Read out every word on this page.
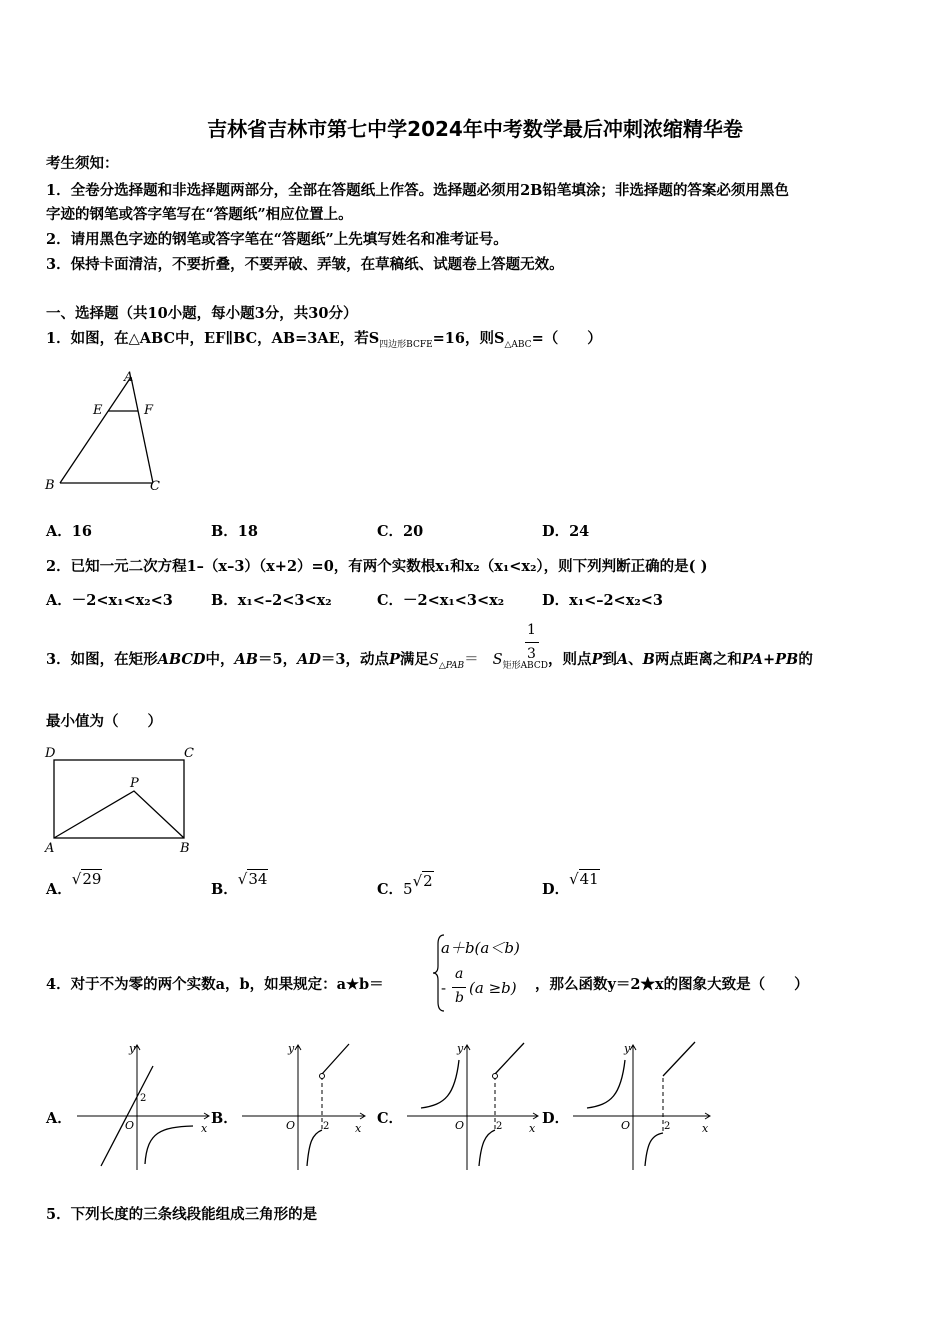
吉林省吉林市第七中学2024年中考数学最后冲刺浓缩精华卷
考生须知：
1．全卷分选择题和非选择题两部分，全部在答题纸上作答。选择题必须用2B铅笔填涂；非选择题的答案必须用黑色
字迹的钢笔或答字笔写在“答题纸”相应位置上。
2．请用黑色字迹的钢笔或答字笔在“答题纸”上先填写姓名和准考证号。
3．保持卡面清洁，不要折叠，不要弄破、弄皱，在草稿纸、试题卷上答题无效。
一、选择题（共10小题，每小题3分，共30分）
1．如图，在△ABC中，EF∥BC，AB=3AE，若$S_{四边形BCFE}=16$，则$S_{\triangle ABC}=$（　　）
A
E	F
B	C
A．16	B．18	C．20	D．24
2．已知一元二次方程1–（x–3）（x+2）=0，有两个实数根x₁和x₂（x₁<x₂），则下列判断正确的是( )
A．－2<x₁<x₂<3	B．x₁<–2<3<x₂	C．－2<x₁<3<x₂	D．x₁<–2<x₂<3
3．如图，在矩形ABCD中，AB＝5，AD＝3，动点P满足$S_{\triangle PAB}= S_{矩形ABCD}$，则点P到A、B两点距离之和PA+PB的
1
3
最小值为（　　）
D	C
P
A	B
A．√29
B．√34
C．5√2	D．√41
4．对于不为零的两个实数a，b，如果规定：a★b＝
a＋b(a＜b)
-
a
b
(a ≥b) ，那么函数y＝2★x的图象大致是（　　）
A．	B．	C．	D．
y
x
O
2
y
x
O	2
y
x
O	2
y
x
O	2
5．下列长度的三条线段能组成三角形的是
